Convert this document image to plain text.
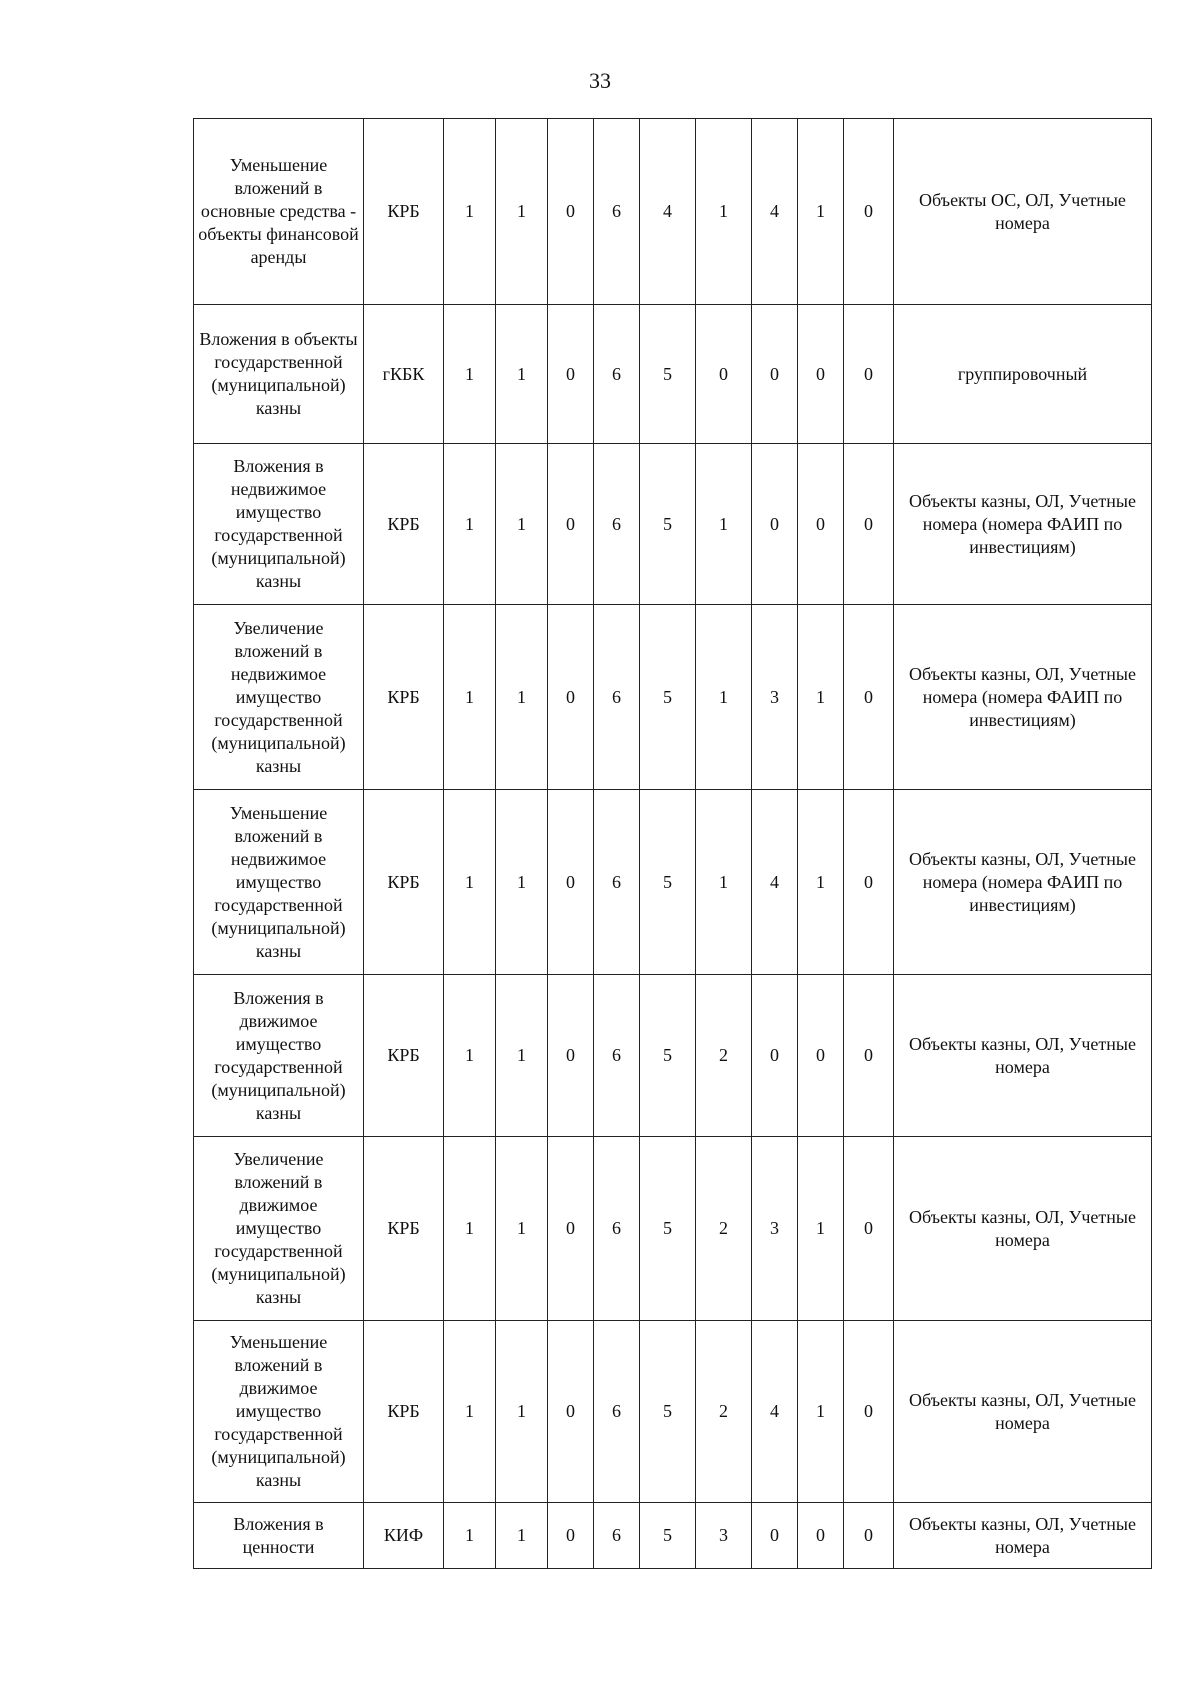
33
Уменьшение вложений в основные средства - объекты финансовой аренды	КРБ	1	1	0	6	4	1	4	1	0	Объекты ОС, ОЛ, Учетные номера
Вложения в объекты государственной (муниципальной) казны	гКБК	1	1	0	6	5	0	0	0	0	группировочный
Вложения в недвижимое имущество государственной (муниципальной) казны	КРБ	1	1	0	6	5	1	0	0	0	Объекты казны, ОЛ, Учетные номера (номера ФАИП по инвестициям)
Увеличение вложений в недвижимое имущество государственной (муниципальной) казны	КРБ	1	1	0	6	5	1	3	1	0	Объекты казны, ОЛ, Учетные номера (номера ФАИП по инвестициям)
Уменьшение вложений в недвижимое имущество государственной (муниципальной) казны	КРБ	1	1	0	6	5	1	4	1	0	Объекты казны, ОЛ, Учетные номера (номера ФАИП по инвестициям)
Вложения в движимое имущество государственной (муниципальной) казны	КРБ	1	1	0	6	5	2	0	0	0	Объекты казны, ОЛ, Учетные номера
Увеличение вложений в движимое имущество государственной (муниципальной) казны	КРБ	1	1	0	6	5	2	3	1	0	Объекты казны, ОЛ, Учетные номера
Уменьшение вложений в движимое имущество государственной (муниципальной) казны	КРБ	1	1	0	6	5	2	4	1	0	Объекты казны, ОЛ, Учетные номера
Вложения в ценности	КИФ	1	1	0	6	5	3	0	0	0	Объекты казны, ОЛ, Учетные номера
